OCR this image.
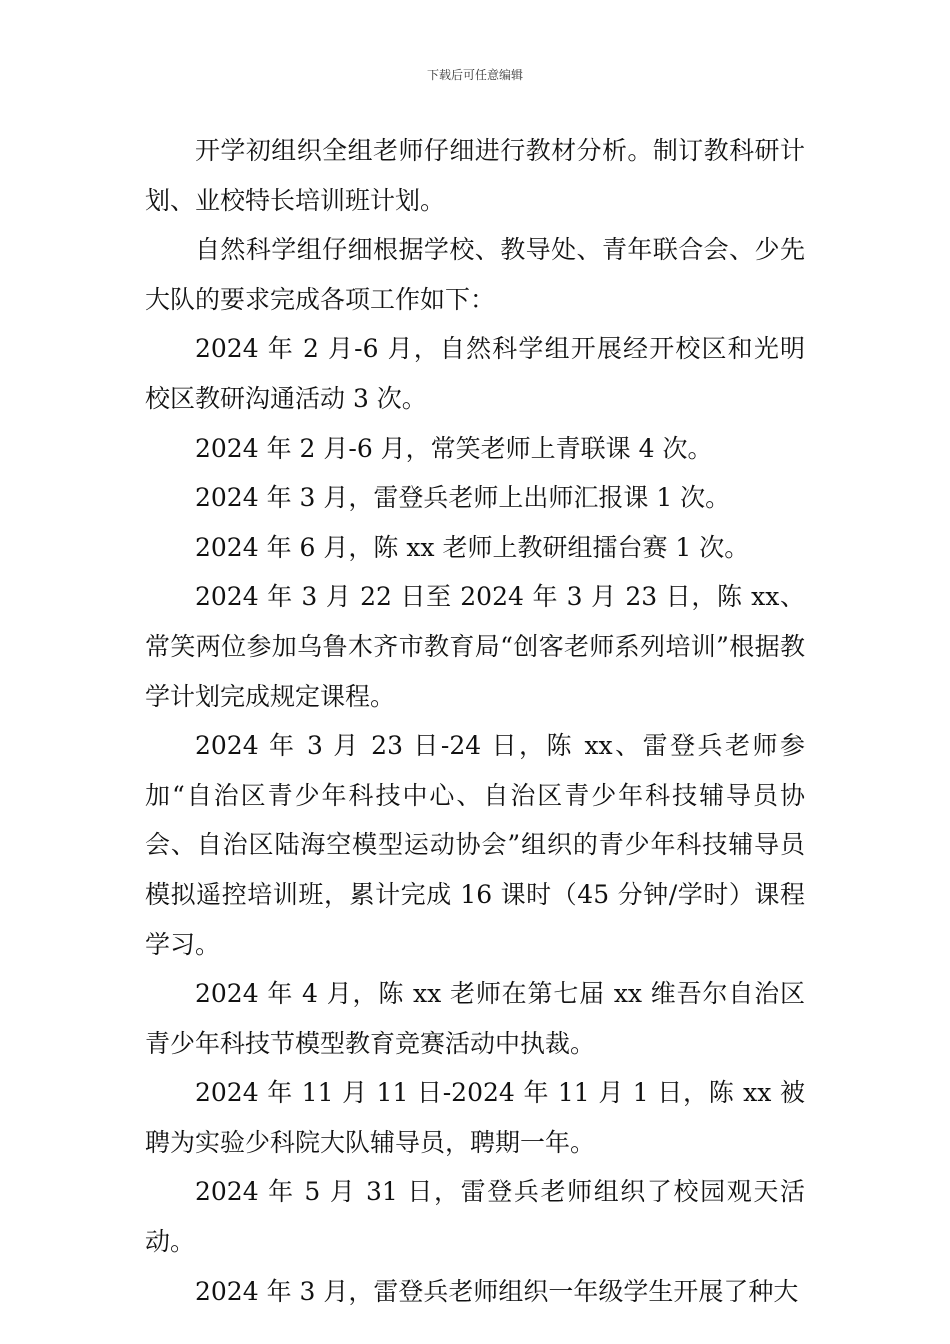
下载后可任意编辑

开学初组织全组老师仔细进行教材分析。制订教科研计划、业校特长培训班计划。

自然科学组仔细根据学校、教导处、青年联合会、少先大队的要求完成各项工作如下：

2024 年 2 月-6 月，自然科学组开展经开校区和光明校区教研沟通活动 3 次。

2024 年 2 月-6 月，常笑老师上青联课 4 次。

2024 年 3 月，雷登兵老师上出师汇报课 1 次。

2024 年 6 月，陈 xx 老师上教研组擂台赛 1 次。

2024 年 3 月 22 日至 2024 年 3 月 23 日，陈 xx、常笑两位参加乌鲁木齐市教育局“创客老师系列培训”根据教学计划完成规定课程。

2024 年 3 月 23 日-24 日，陈 xx、雷登兵老师参加“自治区青少年科技中心、自治区青少年科技辅导员协会、自治区陆海空模型运动协会”组织的青少年科技辅导员模拟遥控培训班，累计完成 16 课时（45 分钟/学时）课程学习。

2024 年 4 月，陈 xx 老师在第七届 xx 维吾尔自治区青少年科技节模型教育竞赛活动中执裁。

2024 年 11 月 11 日-2024 年 11 月 1 日，陈 xx 被聘为实验少科院大队辅导员，聘期一年。

2024 年 5 月 31 日，雷登兵老师组织了校园观天活动。

2024 年 3 月，雷登兵老师组织一年级学生开展了种大
